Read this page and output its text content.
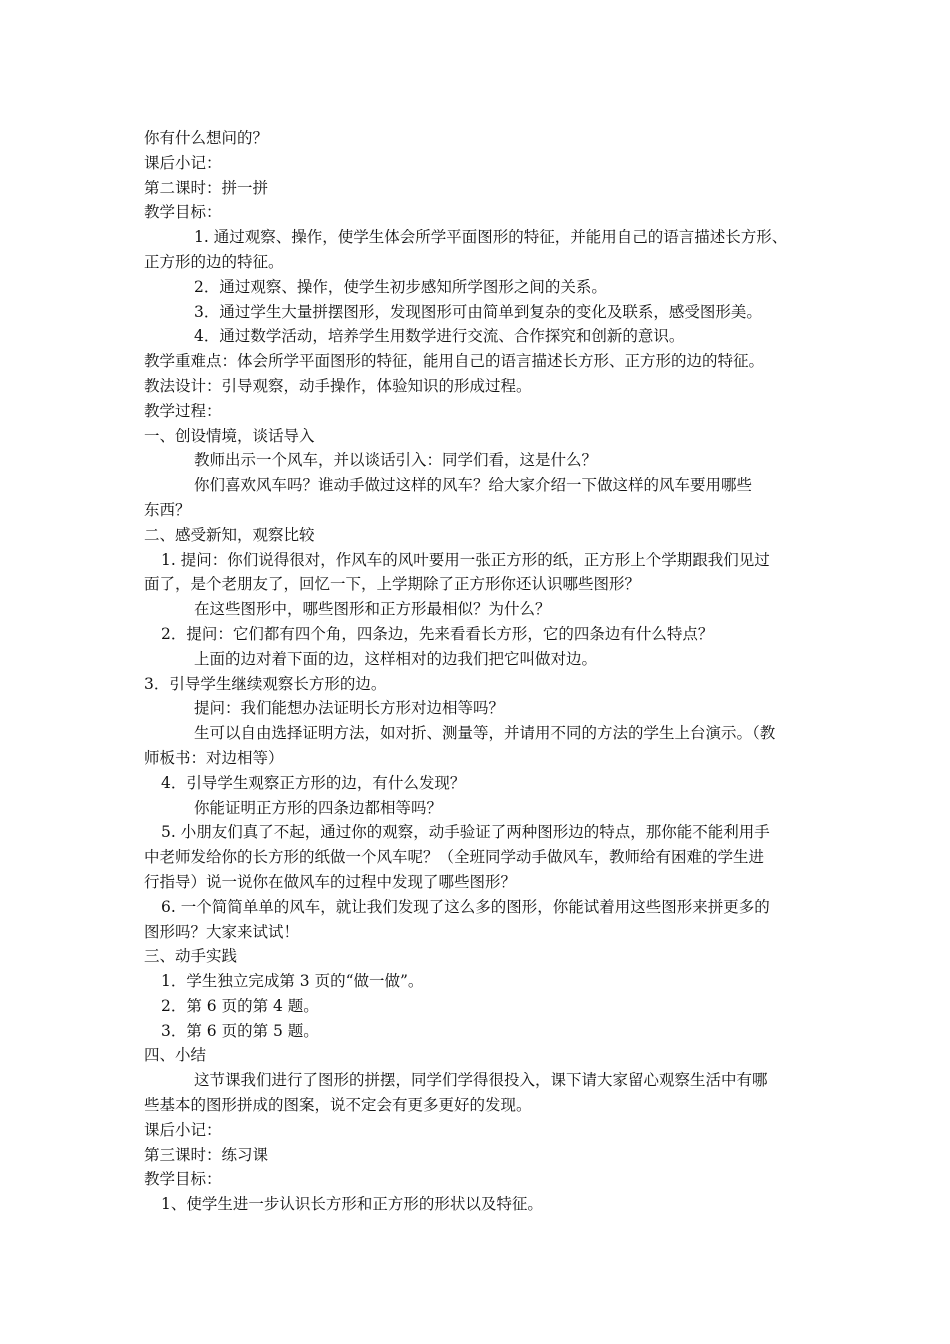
你有什么想问的？
课后小记：
第二课时：拼一拼
教学目标：
1. 通过观察、操作，使学生体会所学平面图形的特征，并能用自己的语言描述长方形、
正方形的边的特征。
2．通过观察、操作，使学生初步感知所学图形之间的关系。
3．通过学生大量拼摆图形，发现图形可由简单到复杂的变化及联系，感受图形美。
4．通过数学活动，培养学生用数学进行交流、合作探究和创新的意识。
教学重难点：体会所学平面图形的特征，能用自己的语言描述长方形、正方形的边的特征。
教法设计：引导观察，动手操作，体验知识的形成过程。
教学过程：
一、创设情境，谈话导入
教师出示一个风车，并以谈话引入：同学们看，这是什么？
你们喜欢风车吗？谁动手做过这样的风车？给大家介绍一下做这样的风车要用哪些
东西？
二、感受新知，观察比较
1. 提问：你们说得很对，作风车的风叶要用一张正方形的纸，正方形上个学期跟我们见过
面了，是个老朋友了，回忆一下，上学期除了正方形你还认识哪些图形？
在这些图形中，哪些图形和正方形最相似？为什么？
2．提问：它们都有四个角，四条边，先来看看长方形，它的四条边有什么特点？
上面的边对着下面的边，这样相对的边我们把它叫做对边。
3．引导学生继续观察长方形的边。
提问：我们能想办法证明长方形对边相等吗？
生可以自由选择证明方法，如对折、测量等，并请用不同的方法的学生上台演示。（教
师板书：对边相等）
4．引导学生观察正方形的边，有什么发现？
你能证明正方形的四条边都相等吗？
5. 小朋友们真了不起，通过你的观察，动手验证了两种图形边的特点，那你能不能利用手
中老师发给你的长方形的纸做一个风车呢？（全班同学动手做风车，教师给有困难的学生进
行指导）说一说你在做风车的过程中发现了哪些图形？
6. 一个简简单单的风车，就让我们发现了这么多的图形，你能试着用这些图形来拼更多的
图形吗？大家来试试！
三、动手实践
1．学生独立完成第 3 页的“做一做”。
2．第 6 页的第 4 题。
3．第 6 页的第 5 题。
四、小结
这节课我们进行了图形的拼摆，同学们学得很投入，课下请大家留心观察生活中有哪
些基本的图形拼成的图案，说不定会有更多更好的发现。
课后小记：
第三课时：练习课
教学目标：
1、使学生进一步认识长方形和正方形的形状以及特征。
